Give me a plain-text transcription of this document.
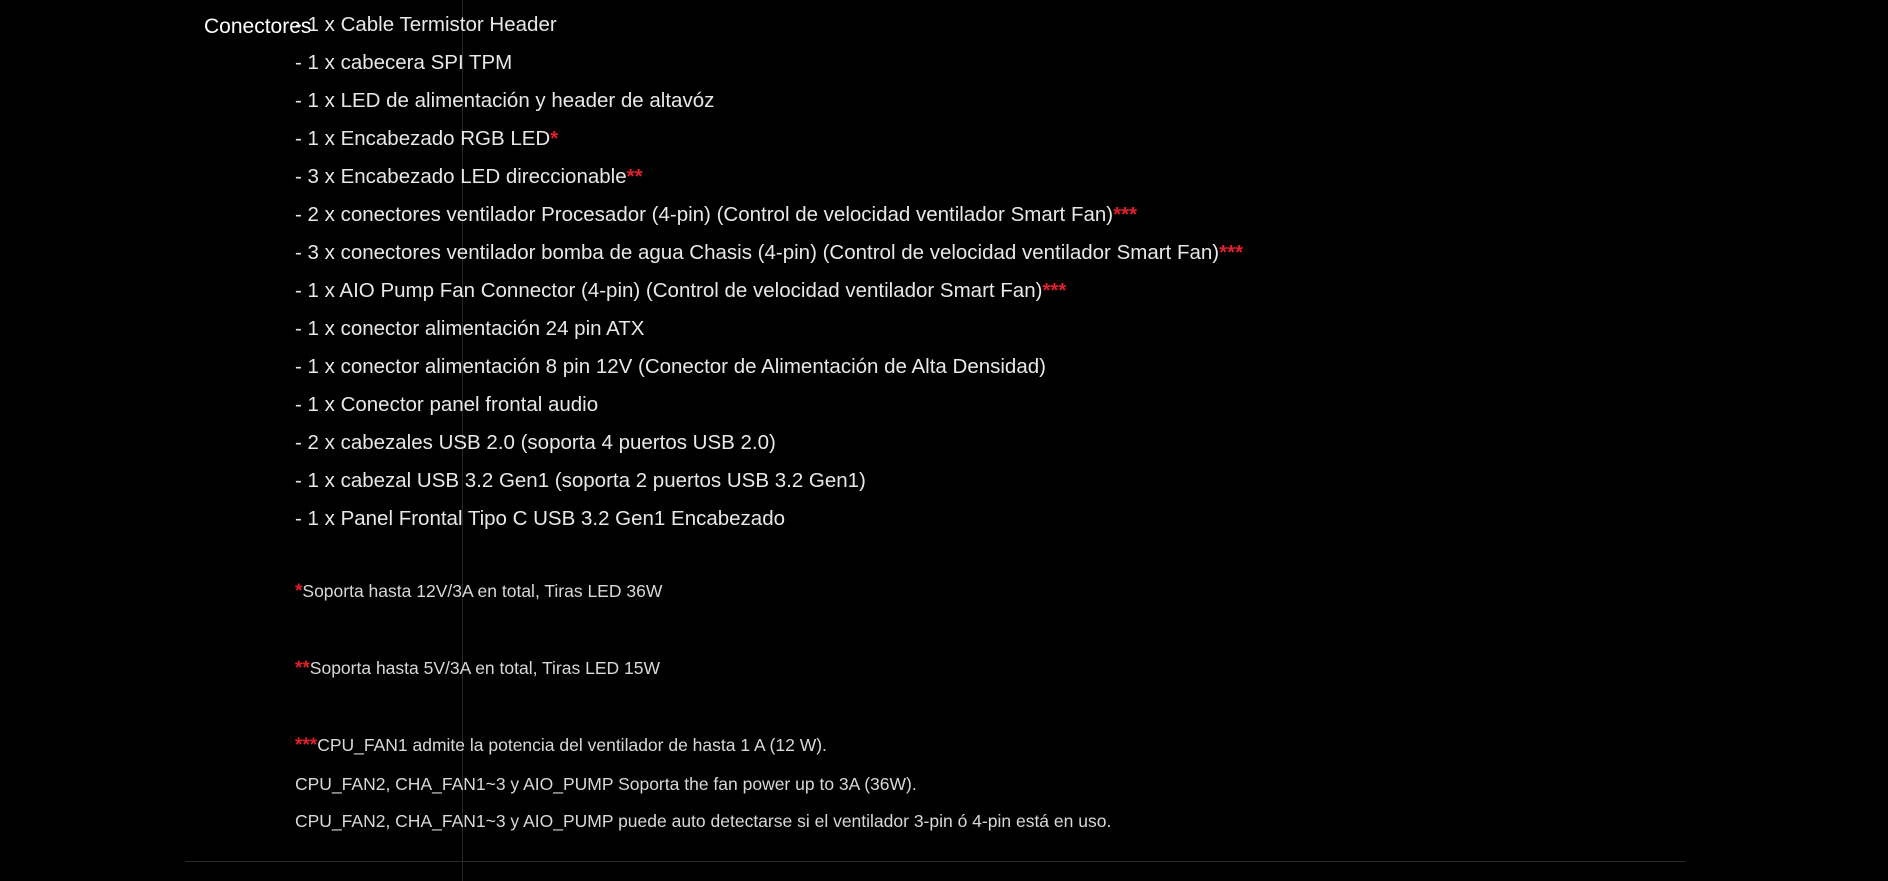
Conectores
- 1 x Cable Termistor Header
- 1 x cabecera SPI TPM
- 1 x LED de alimentación y header de altavóz
- 1 x Encabezado RGB LED*
- 3 x Encabezado LED direccionable**
- 2 x conectores ventilador Procesador (4-pin) (Control de velocidad ventilador Smart Fan)***
- 3 x conectores ventilador bomba de agua Chasis (4-pin) (Control de velocidad ventilador Smart Fan)***
- 1 x AIO Pump Fan Connector (4-pin) (Control de velocidad ventilador Smart Fan)***
- 1 x conector alimentación 24 pin ATX
- 1 x conector alimentación 8 pin 12V (Conector de Alimentación de Alta Densidad)
- 1 x Conector panel frontal audio
- 2 x cabezales USB 2.0 (soporta 4 puertos USB 2.0)
- 1 x cabezal USB 3.2 Gen1 (soporta 2 puertos USB 3.2 Gen1)
- 1 x Panel Frontal Tipo C USB 3.2 Gen1 Encabezado
*Soporta hasta 12V/3A en total, Tiras LED 36W
**Soporta hasta 5V/3A en total, Tiras LED 15W
***CPU_FAN1 admite la potencia del ventilador de hasta 1 A (12 W).
CPU_FAN2, CHA_FAN1~3 y AIO_PUMP Soporta the fan power up to 3A (36W).
CPU_FAN2, CHA_FAN1~3 y AIO_PUMP puede auto detectarse si el ventilador 3-pin ó 4-pin está en uso.
